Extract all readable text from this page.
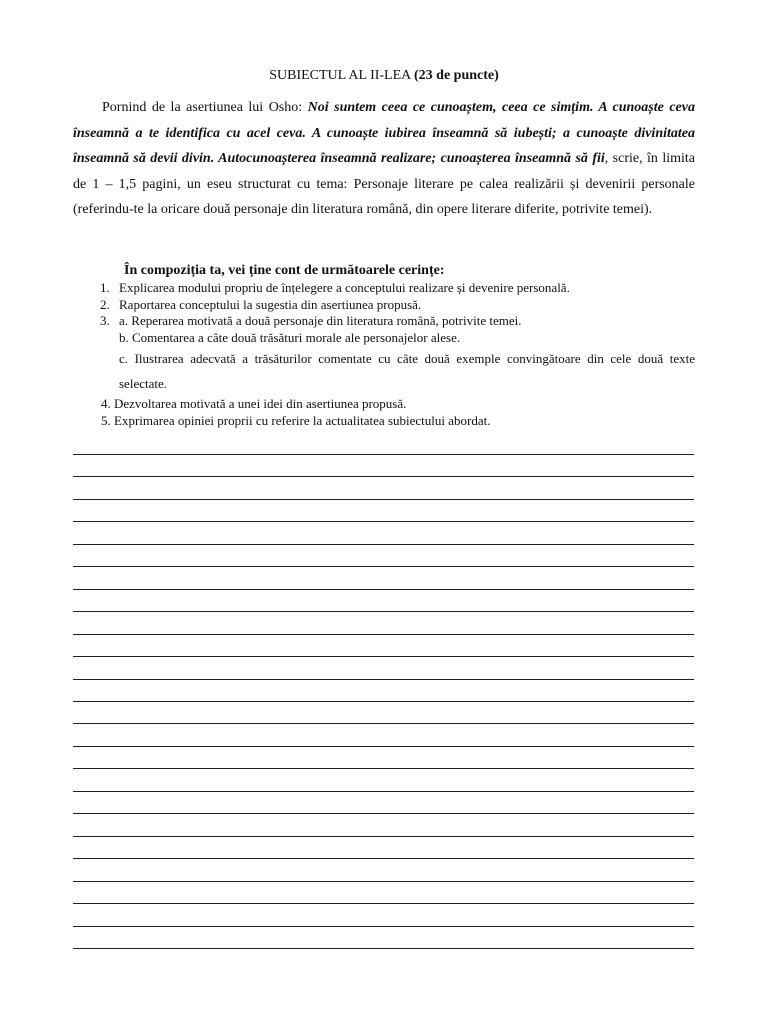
SUBIECTUL AL II-LEA (23 de puncte)
Pornind de la asertiunea lui Osho: Noi suntem ceea ce cunoaștem, ceea ce simțim. A cunoaște ceva înseamnă a te identifica cu acel ceva. A cunoaște iubirea înseamnă să iubești; a cunoaște divinitatea înseamnă să devii divin. Autocunoașterea înseamnă realizare; cunoașterea înseamnă să fii, scrie, în limita de 1 – 1,5 pagini, un eseu structurat cu tema: Personaje literare pe calea realizării și devenirii personale (referindu-te la oricare două personaje din literatura română, din opere literare diferite, potrivite temei).
În compoziția ta, vei ține cont de următoarele cerințe:
1. Explicarea modului propriu de înțelegere a conceptului realizare și devenire personală.
2. Raportarea conceptului la sugestia din asertiunea propusă.
3. a. Reperarea motivată a două personaje din literatura română, potrivite temei.
b. Comentarea a câte două trăsături morale ale personajelor alese.
c. Ilustrarea adecvată a trăsăturilor comentate cu câte două exemple convingătoare din cele două texte selectate.
4. Dezvoltarea motivată a unei idei din asertiunea propusă.
5. Exprimarea opiniei proprii cu referire la actualitatea subiectului abordat.
